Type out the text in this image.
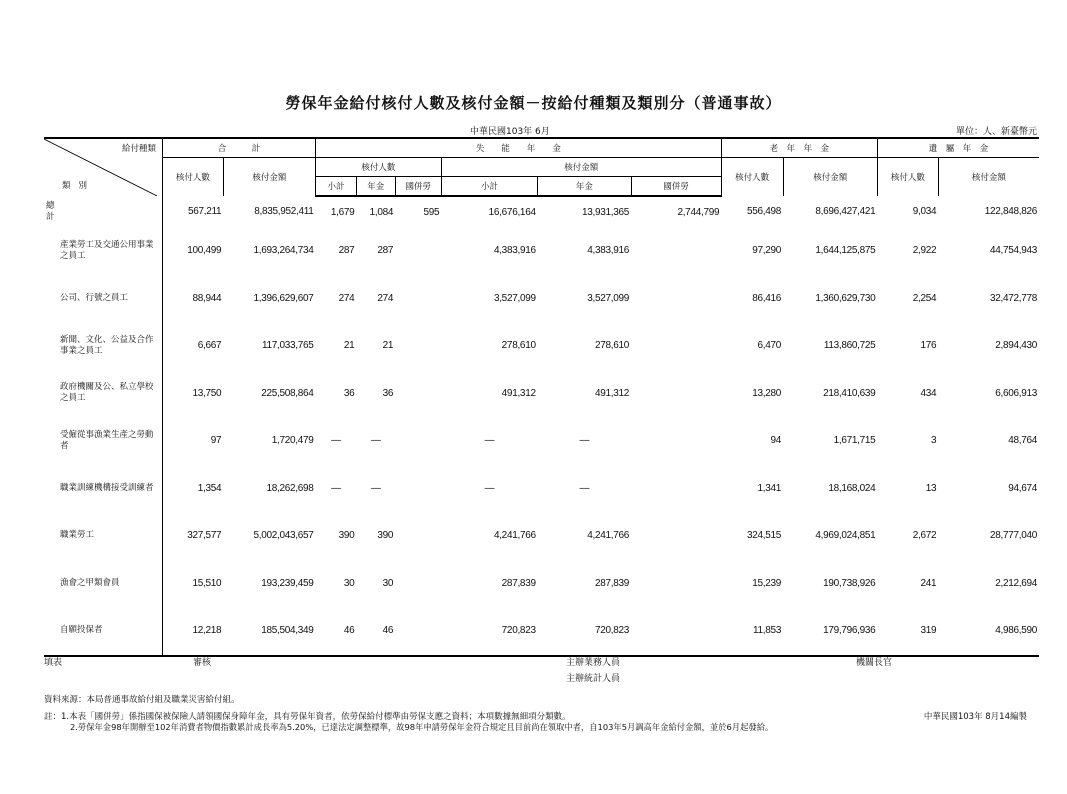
勞保年金給付核付人數及核付金額－按給付種類及類別分（普通事故）
中華民國103年 6月	單位：人、新臺幣元
給付種類
類別	合　　　計		失　　能　　年　　金						老　年　年　金		遺　屬　年　金	
	核付人數	核付金額	核付人數			核付金額			核付人數	核付金額	核付人數	核付金額
			小計	年金	國併勞	小計	年金	國併勞				
總　　計	567,211	8,835,952,411	1,679	1,084	595	16,676,164	13,931,365	2,744,799	556,498	8,696,427,421	9,034	122,848,826
產業勞工及交通公用事業之員工	100,499	1,693,264,734	287	287		4,383,916	4,383,916		97,290	1,644,125,875	2,922	44,754,943
公司、行號之員工	88,944	1,396,629,607	274	274		3,527,099	3,527,099		86,416	1,360,629,730	2,254	32,472,778
新聞、文化、公益及合作事業之員工	6,667	117,033,765	21	21		278,610	278,610		6,470	113,860,725	176	2,894,430
政府機關及公、私立學校之員工	13,750	225,508,864	36	36		491,312	491,312		13,280	218,410,639	434	6,606,913
受僱從事漁業生產之勞動者	97	1,720,479	—	—		—	—		94	1,671,715	3	48,764
職業訓練機構接受訓練者	1,354	18,262,698	—	—		—	—		1,341	18,168,024	13	94,674
職業勞工	327,577	5,002,043,657	390	390		4,241,766	4,241,766		324,515	4,969,024,851	2,672	28,777,040
漁會之甲類會員	15,510	193,239,459	30	30		287,839	287,839		15,239	190,738,926	241	2,212,694
自願投保者	12,218	185,504,349	46	46		720,823	720,823		11,853	179,796,936	319	4,986,590
填表	審核	主辦業務人員
主辦統計人員
機關長官
資料來源：本局普通事故給付組及職業災害給付組。
註：1.本表「國併勞」係指國保被保險人請領國保身障年金，具有勞保年資者，依勞保給付標準由勞保支應之資料；本項數據無細項分類數。
2.勞保年金98年開辦至102年消費者物價指數累計成長率為5.20%，已達法定調整標準，故98年申請勞保年金符合規定且目前尚在領取中者，自103年5月調高年金給付金額，並於6月起發給。
中華民國103年 8月14編製
